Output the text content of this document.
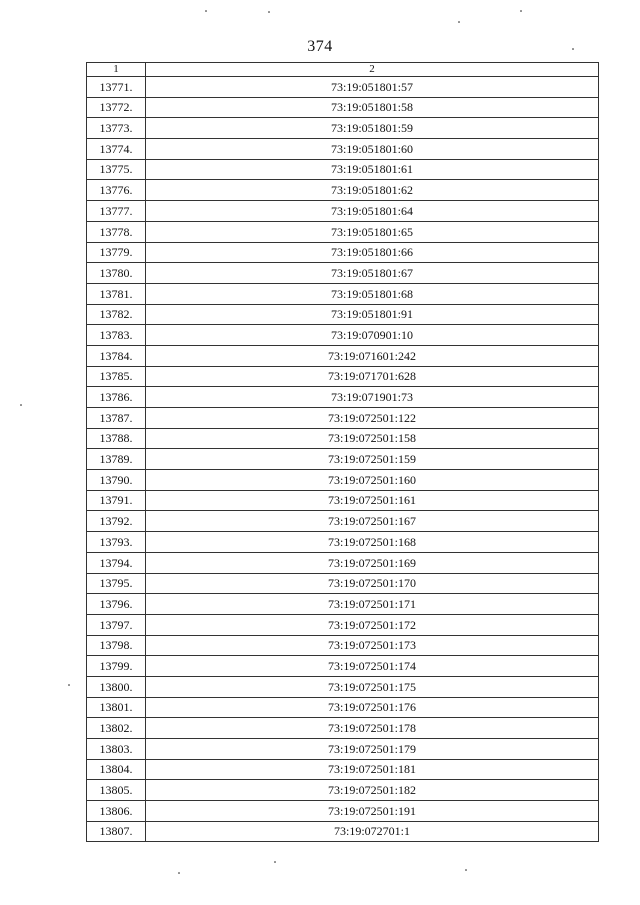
374
1	2
13771.	73:19:051801:57
13772.	73:19:051801:58
13773.	73:19:051801:59
13774.	73:19:051801:60
13775.	73:19:051801:61
13776.	73:19:051801:62
13777.	73:19:051801:64
13778.	73:19:051801:65
13779.	73:19:051801:66
13780.	73:19:051801:67
13781.	73:19:051801:68
13782.	73:19:051801:91
13783.	73:19:070901:10
13784.	73:19:071601:242
13785.	73:19:071701:628
13786.	73:19:071901:73
13787.	73:19:072501:122
13788.	73:19:072501:158
13789.	73:19:072501:159
13790.	73:19:072501:160
13791.	73:19:072501:161
13792.	73:19:072501:167
13793.	73:19:072501:168
13794.	73:19:072501:169
13795.	73:19:072501:170
13796.	73:19:072501:171
13797.	73:19:072501:172
13798.	73:19:072501:173
13799.	73:19:072501:174
13800.	73:19:072501:175
13801.	73:19:072501:176
13802.	73:19:072501:178
13803.	73:19:072501:179
13804.	73:19:072501:181
13805.	73:19:072501:182
13806.	73:19:072501:191
13807.	73:19:072701:1
